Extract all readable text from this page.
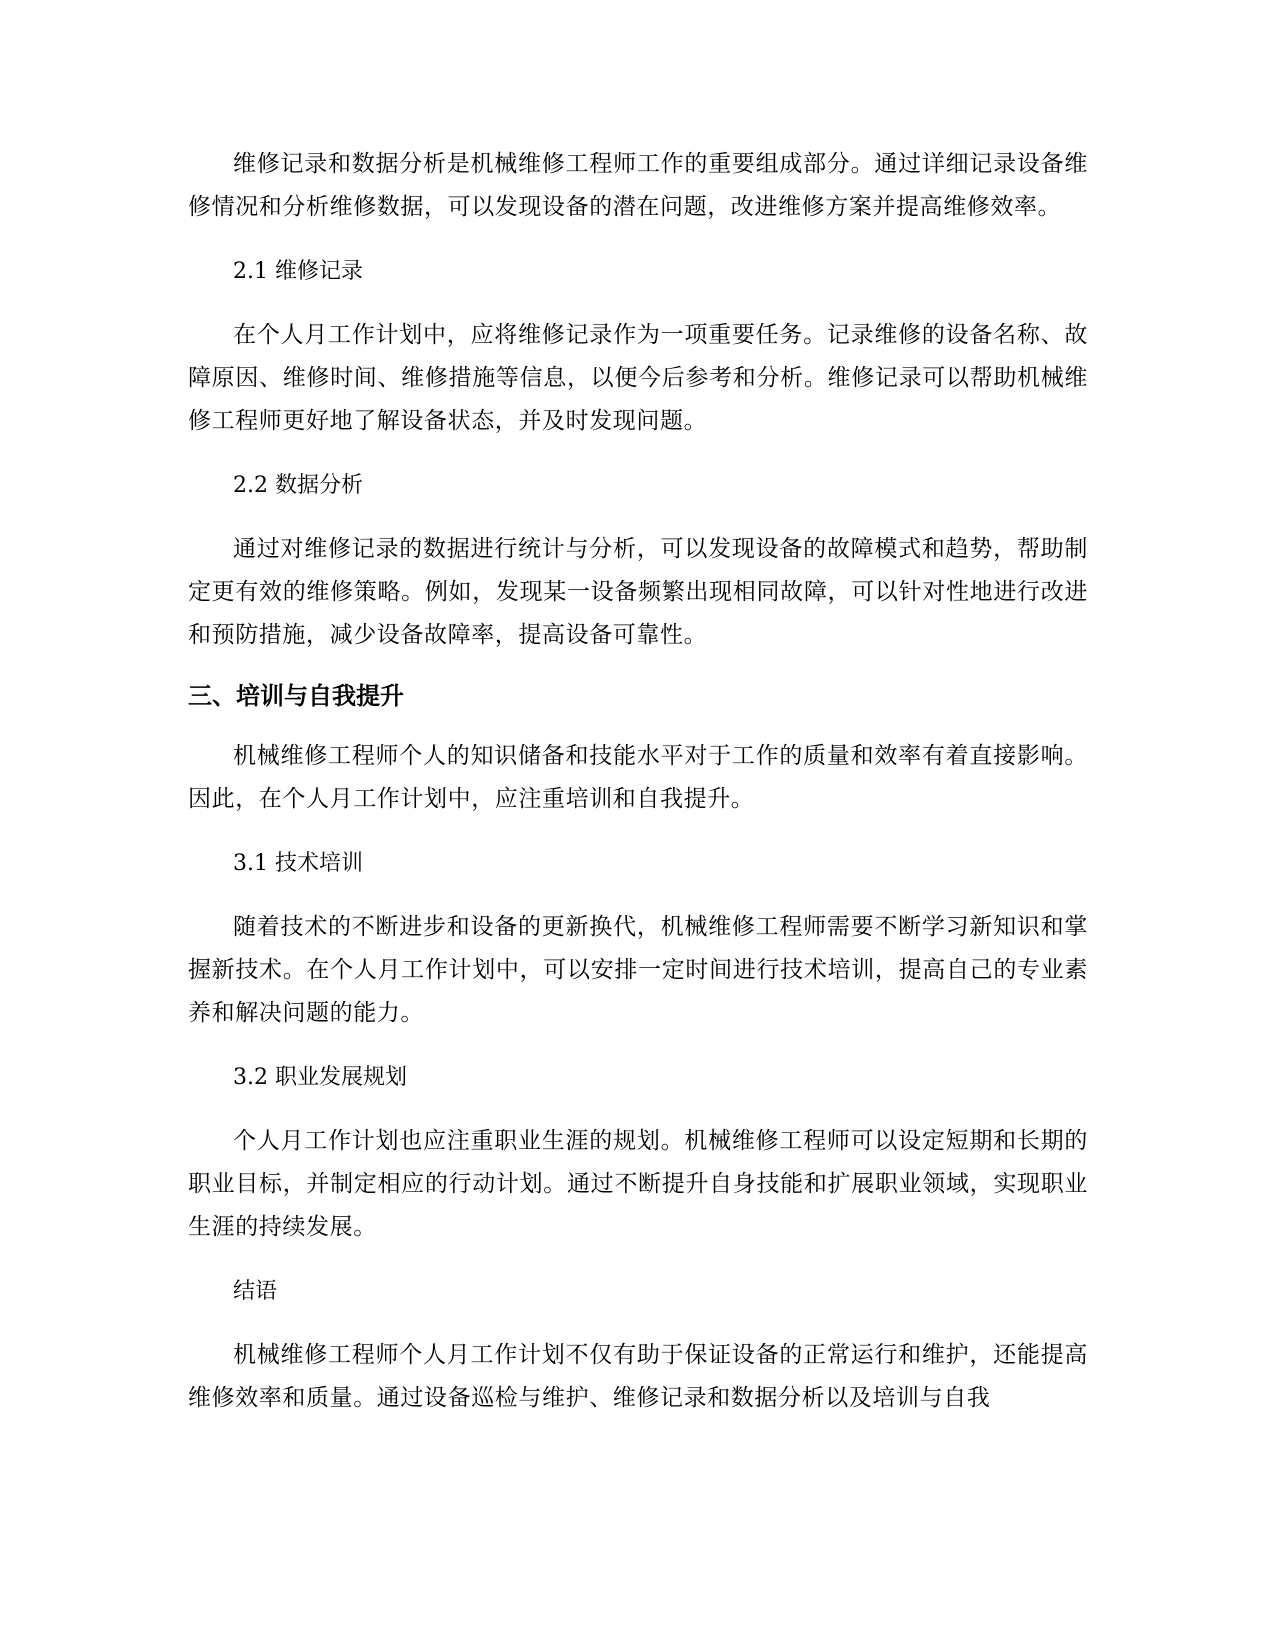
维修记录和数据分析是机械维修工程师工作的重要组成部分。通过详细记录设备维修情况和分析维修数据，可以发现设备的潜在问题，改进维修方案并提高维修效率。

2.1 维修记录

在个人月工作计划中，应将维修记录作为一项重要任务。记录维修的设备名称、故障原因、维修时间、维修措施等信息，以便今后参考和分析。维修记录可以帮助机械维修工程师更好地了解设备状态，并及时发现问题。

2.2 数据分析

通过对维修记录的数据进行统计与分析，可以发现设备的故障模式和趋势，帮助制定更有效的维修策略。例如，发现某一设备频繁出现相同故障，可以针对性地进行改进和预防措施，减少设备故障率，提高设备可靠性。

三、培训与自我提升

机械维修工程师个人的知识储备和技能水平对于工作的质量和效率有着直接影响。因此，在个人月工作计划中，应注重培训和自我提升。

3.1 技术培训

随着技术的不断进步和设备的更新换代，机械维修工程师需要不断学习新知识和掌握新技术。在个人月工作计划中，可以安排一定时间进行技术培训，提高自己的专业素养和解决问题的能力。

3.2 职业发展规划

个人月工作计划也应注重职业生涯的规划。机械维修工程师可以设定短期和长期的职业目标，并制定相应的行动计划。通过不断提升自身技能和扩展职业领域，实现职业生涯的持续发展。

结语

机械维修工程师个人月工作计划不仅有助于保证设备的正常运行和维护，还能提高维修效率和质量。通过设备巡检与维护、维修记录和数据分析以及培训与自我
